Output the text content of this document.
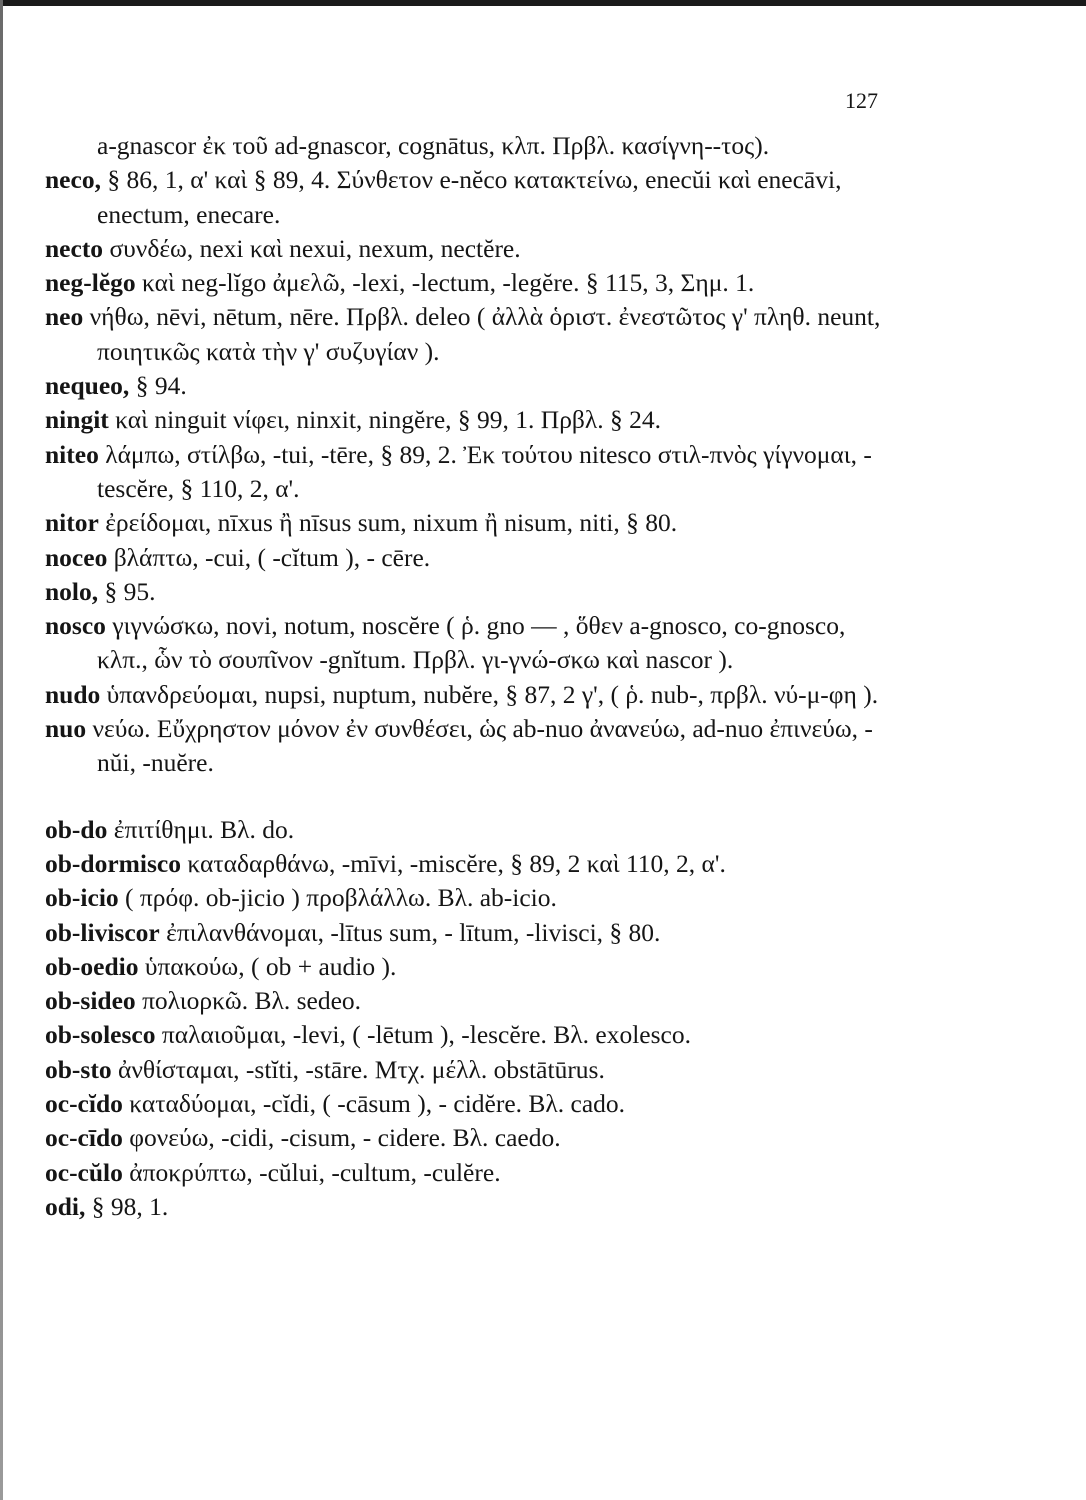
127

a-gnascor ἐκ τοῦ ad-gnascor, cognātus, κλπ. Πρβλ. κασίγνη--τος).

neco, § 86, 1, α' καὶ § 89, 4. Σύνθετον e-nĕco κατακτείνω, enecŭi καὶ enecāvi, enectum, enecare.

necto συνδέω, nexi καὶ nexui, nexum, nectĕre.

neg-lĕgo καὶ neg-lĭgo ἀμελῶ, -lexi, -lectum, -legĕre. § 115, 3, Σημ. 1.

neo νήθω, nēvi, nētum, nēre. Πρβλ. deleo ( ἀλλὰ ὁριστ. ἐνεστῶτος γ' πληθ. neunt, ποιητικῶς κατὰ τὴν γ' συζυγίαν ).

nequeo, § 94.

ningit καὶ ninguit νίφει, ninxit, ningĕre, § 99, 1. Πρβλ. § 24.

niteo λάμπω, στίλβω, -tui, -tēre, § 89, 2. Ἐκ τούτου nitesco στιλ-πνὸς γίγνομαι, -tescĕre, § 110, 2, α'.

nitor ἐρείδομαι, nīxus ἢ nīsus sum, nixum ἢ nisum, niti, § 80.

noceo βλάπτω, -cui, ( -cĭtum ), - cēre.

nolo, § 95.

nosco γιγνώσκω, novi, notum, noscĕre ( ῥ. gno — , ὅθεν a-gnosco, co-gnosco, κλπ., ὧν τὸ σουπῖνον -gnĭtum. Πρβλ. γι-γνώ-σκω καὶ nascor ).

nudo ὑπανδρεύομαι, nupsi, nuptum, nubĕre, § 87, 2 γ', ( ῥ. nub-, πρβλ. νύ-μ-φη ).

nuo νεύω. Εὔχρηστον μόνον ἐν συνθέσει, ὡς ab-nuo ἀνανεύω, ad-nuo ἐπινεύω, -nŭi, -nuĕre.

ob-do ἐπιτίθημι. Βλ. do.

ob-dormisco καταδαρθάνω, -mīvi, -miscĕre, § 89, 2 καὶ 110, 2, α'.

ob-icio ( πρόφ. ob-jicio ) προβλάλλω. Βλ. ab-icio.

ob-liviscor ἐπιλανθάνομαι, -lītus sum, - lītum, -livisci, § 80.

ob-oedio ὑπακούω, ( ob + audio ).

ob-sideo πολιορκῶ. Βλ. sedeo.

ob-solesco παλαιοῦμαι, -levi, ( -lētum ), -lescĕre. Βλ. exolesco.

ob-sto ἀνθίσταμαι, -stĭti, -stāre. Μτχ. μέλλ. obstātūrus.

oc-cĭdo καταδύομαι, -cĭdi, ( -cāsum ), - cidĕre. Βλ. cado.

oc-cīdo φονεύω, -cidi, -cisum, - cidere. Βλ. caedo.

oc-cŭlo ἀποκρύπτω, -cŭlui, -cultum, -culĕre.

odi, § 98, 1.
